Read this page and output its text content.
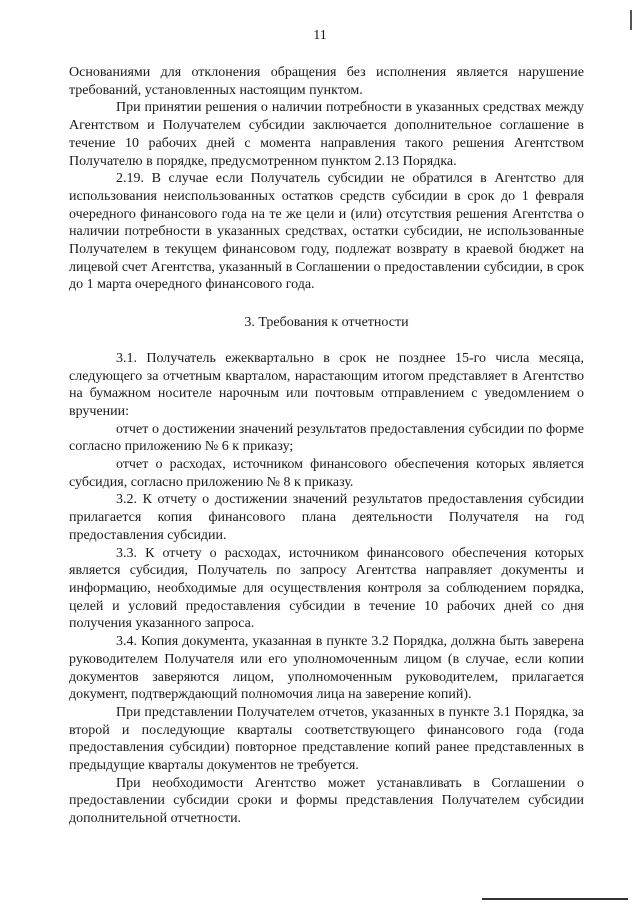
11

Основаниями для отклонения обращения без исполнения является нарушение требований, установленных настоящим пунктом.

При принятии решения о наличии потребности в указанных средствах между Агентством и Получателем субсидии заключается дополнительное соглашение в течение 10 рабочих дней с момента направления такого решения Агентством Получателю в порядке, предусмотренном пунктом 2.13 Порядка.

2.19. В случае если Получатель субсидии не обратился в Агентство для использования неиспользованных остатков средств субсидии в срок до 1 февраля очередного финансового года на те же цели и (или) отсутствия решения Агентства о наличии потребности в указанных средствах, остатки субсидии, не использованные Получателем в текущем финансовом году, подлежат возврату в краевой бюджет на лицевой счет Агентства, указанный в Соглашении о предоставлении субсидии, в срок до 1 марта очередного финансового года.

3. Требования к отчетности

3.1. Получатель ежеквартально в срок не позднее 15-го числа месяца, следующего за отчетным кварталом, нарастающим итогом представляет в Агентство на бумажном носителе нарочным или почтовым отправлением с уведомлением о вручении:

отчет о достижении значений результатов предоставления субсидии по форме согласно приложению № 6 к приказу;

отчет о расходах, источником финансового обеспечения которых является субсидия, согласно приложению № 8 к приказу.

3.2. К отчету о достижении значений результатов предоставления субсидии прилагается копия финансового плана деятельности Получателя на год предоставления субсидии.

3.3. К отчету о расходах, источником финансового обеспечения которых является субсидия, Получатель по запросу Агентства направляет документы и информацию, необходимые для осуществления контроля за соблюдением порядка, целей и условий предоставления субсидии в течение 10 рабочих дней со дня получения указанного запроса.

3.4. Копия документа, указанная в пункте 3.2 Порядка, должна быть заверена руководителем Получателя или его уполномоченным лицом (в случае, если копии документов заверяются лицом, уполномоченным руководителем, прилагается документ, подтверждающий полномочия лица на заверение копий).

При представлении Получателем отчетов, указанных в пункте 3.1 Порядка, за второй и последующие кварталы соответствующего финансового года (года предоставления субсидии) повторное представление копий ранее представленных в предыдущие кварталы документов не требуется.

При необходимости Агентство может устанавливать в Соглашении о предоставлении субсидии сроки и формы представления Получателем субсидии дополнительной отчетности.
